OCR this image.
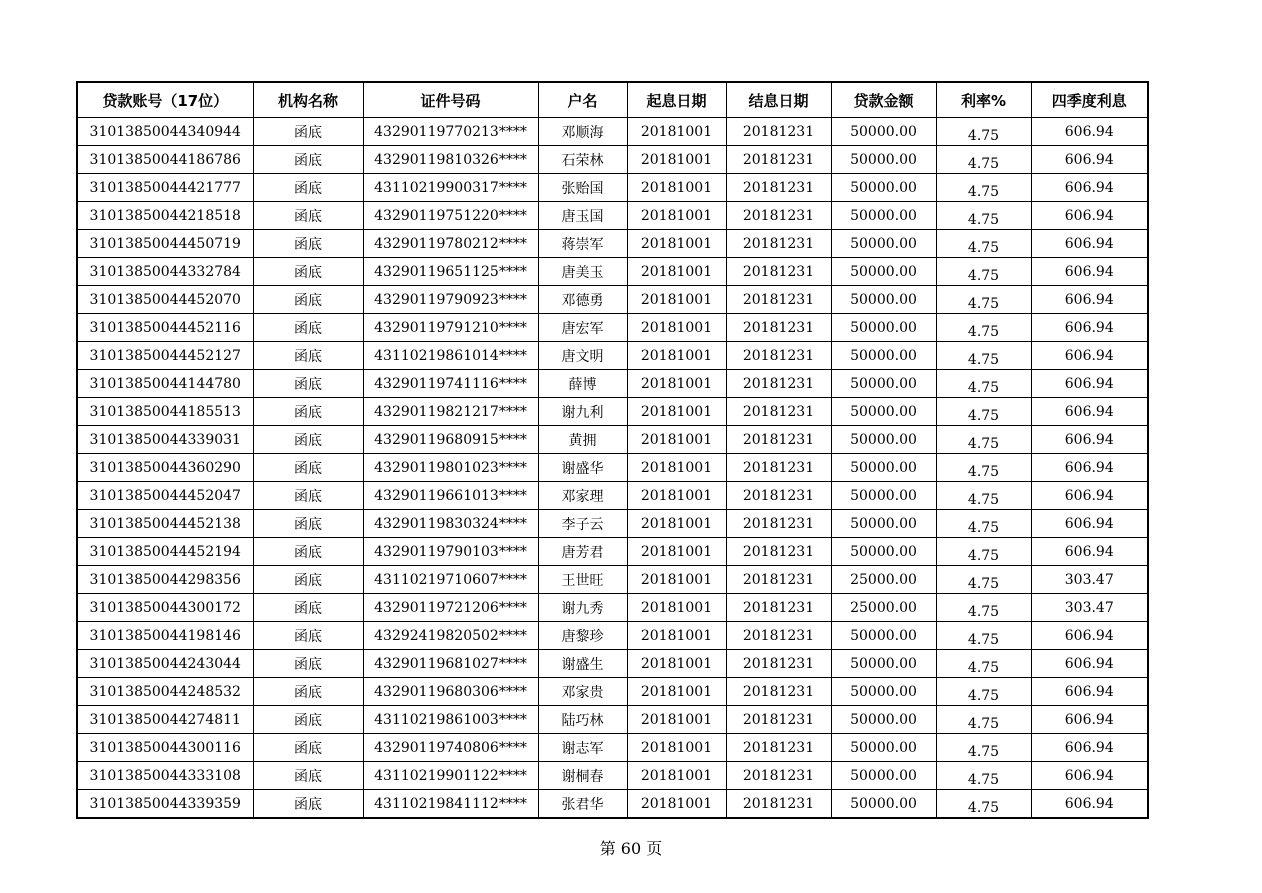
贷款账号（17位）	机构名称	证件号码	户名	起息日期	结息日期	贷款金额	利率%	四季度利息
31013850044340944	函底	43290119770213****	邓顺海	20181001	20181231	50000.00	4.75	606.94
31013850044186786	函底	43290119810326****	石荣林	20181001	20181231	50000.00	4.75	606.94
31013850044421777	函底	43110219900317****	张贻国	20181001	20181231	50000.00	4.75	606.94
31013850044218518	函底	43290119751220****	唐玉国	20181001	20181231	50000.00	4.75	606.94
31013850044450719	函底	43290119780212****	蒋崇军	20181001	20181231	50000.00	4.75	606.94
31013850044332784	函底	43290119651125****	唐美玉	20181001	20181231	50000.00	4.75	606.94
31013850044452070	函底	43290119790923****	邓德勇	20181001	20181231	50000.00	4.75	606.94
31013850044452116	函底	43290119791210****	唐宏军	20181001	20181231	50000.00	4.75	606.94
31013850044452127	函底	43110219861014****	唐文明	20181001	20181231	50000.00	4.75	606.94
31013850044144780	函底	43290119741116****	薛博	20181001	20181231	50000.00	4.75	606.94
31013850044185513	函底	43290119821217****	谢九利	20181001	20181231	50000.00	4.75	606.94
31013850044339031	函底	43290119680915****	黄拥	20181001	20181231	50000.00	4.75	606.94
31013850044360290	函底	43290119801023****	谢盛华	20181001	20181231	50000.00	4.75	606.94
31013850044452047	函底	43290119661013****	邓家理	20181001	20181231	50000.00	4.75	606.94
31013850044452138	函底	43290119830324****	李子云	20181001	20181231	50000.00	4.75	606.94
31013850044452194	函底	43290119790103****	唐芳君	20181001	20181231	50000.00	4.75	606.94
31013850044298356	函底	43110219710607****	王世旺	20181001	20181231	25000.00	4.75	303.47
31013850044300172	函底	43290119721206****	谢九秀	20181001	20181231	25000.00	4.75	303.47
31013850044198146	函底	43292419820502****	唐黎珍	20181001	20181231	50000.00	4.75	606.94
31013850044243044	函底	43290119681027****	谢盛生	20181001	20181231	50000.00	4.75	606.94
31013850044248532	函底	43290119680306****	邓家贵	20181001	20181231	50000.00	4.75	606.94
31013850044274811	函底	43110219861003****	陆巧林	20181001	20181231	50000.00	4.75	606.94
31013850044300116	函底	43290119740806****	谢志军	20181001	20181231	50000.00	4.75	606.94
31013850044333108	函底	43110219901122****	谢桐春	20181001	20181231	50000.00	4.75	606.94
31013850044339359	函底	43110219841112****	张君华	20181001	20181231	50000.00	4.75	606.94
第 60 页
